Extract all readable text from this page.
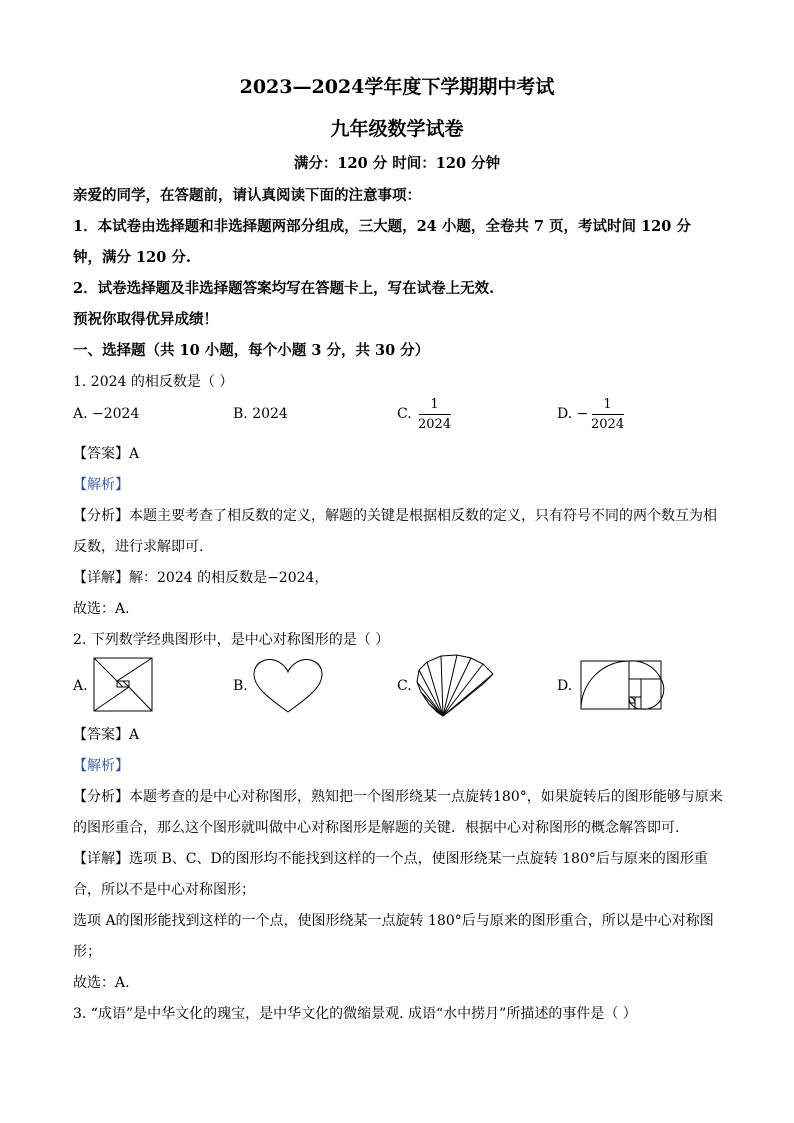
2023—2024学年度下学期期中考试
九年级数学试卷
满分：120 分 时间：120 分钟
亲爱的同学，在答题前，请认真阅读下面的注意事项：
1．本试卷由选择题和非选择题两部分组成，三大题，24 小题，全卷共 7 页，考试时间 120 分
钟，满分 120 分.
2．试卷选择题及非选择题答案均写在答题卡上，写在试卷上无效.
预祝你取得优异成绩！
一、选择题（共 10 小题，每个小题 3 分，共 30 分）
1. 2024 的相反数是（ ）
A. −2024	B. 2024	C.
1
2024
D. −
1
2024
【答案】A
【解析】
【分析】本题主要考查了相反数的定义，解题的关键是根据相反数的定义，只有符号不同的两个数互为相
反数，进行求解即可.
【详解】解：2024 的相反数是−2024，
故选：A.
2. 下列数学经典图形中，是中心对称图形的是（ ）
A.	B.	C.	D.
【答案】A
【解析】
【分析】本题考查的是中心对称图形，熟知把一个图形绕某一点旋转180°，如果旋转后的图形能够与原来
的图形重合，那么这个图形就叫做中心对称图形是解题的关键．根据中心对称图形的概念解答即可.
【详解】选项 B、C、D的图形均不能找到这样的一个点，使图形绕某一点旋转 180°后与原来的图形重
合，所以不是中心对称图形；
选项 A的图形能找到这样的一个点，使图形绕某一点旋转 180°后与原来的图形重合，所以是中心对称图
形；
故选：A.
3. “成语”是中华文化的瑰宝，是中华文化的微缩景观. 成语“水中捞月”所描述的事件是（ ）
